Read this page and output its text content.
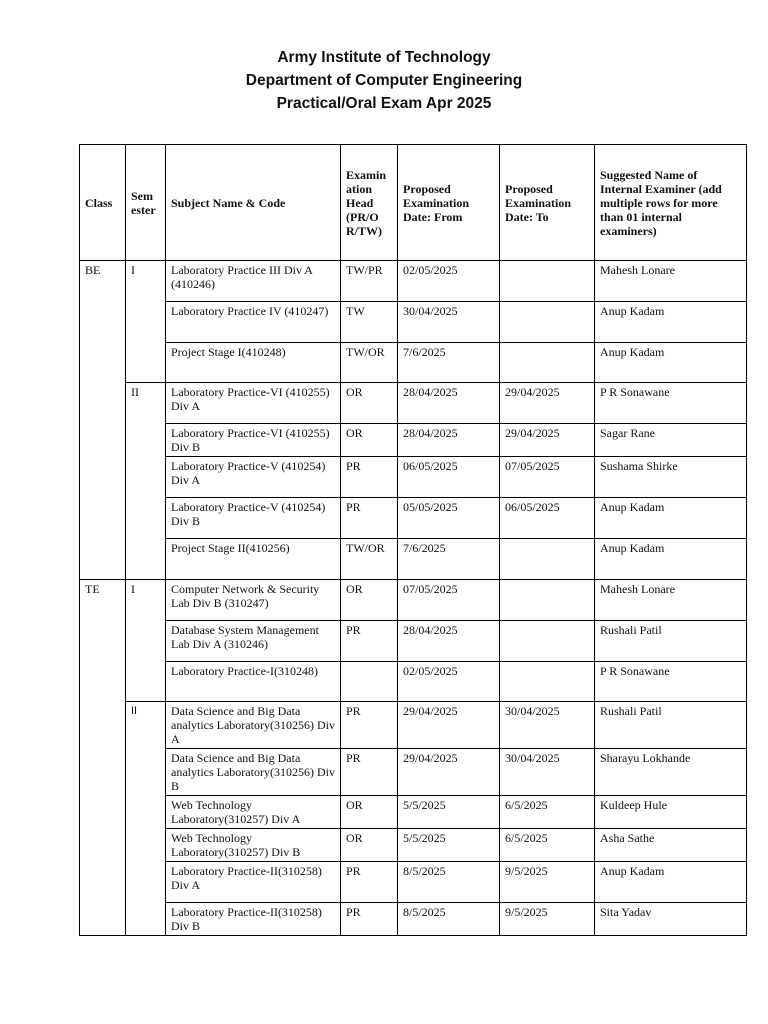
Army Institute of Technology
Department of Computer Engineering
Practical/Oral Exam Apr 2025
Class	Sem ester	Subject Name & Code	Examin ation Head (PR/O R/TW)	Proposed Examination Date: From	Proposed Examination Date: To	Suggested Name of Internal Examiner (add multiple rows for more than 01 internal examiners)
BE	I	Laboratory Practice III Div A (410246)	TW/PR	02/05/2025		Mahesh Lonare
		Laboratory Practice IV (410247)	TW	30/04/2025		Anup Kadam
		Project Stage I(410248)	TW/OR	7/6/2025		Anup Kadam
	II	Laboratory Practice-VI (410255) Div A	OR	28/04/2025	29/04/2025	P R Sonawane
		Laboratory Practice-VI (410255) Div B	OR	28/04/2025	29/04/2025	Sagar Rane
		Laboratory Practice-V (410254) Div A	PR	06/05/2025	07/05/2025	Sushama Shirke
		Laboratory Practice-V (410254) Div B	PR	05/05/2025	06/05/2025	Anup Kadam
		Project Stage II(410256)	TW/OR	7/6/2025		Anup Kadam
TE	I	Computer Network & Security Lab Div B (310247)	OR	07/05/2025		Mahesh Lonare
		Database System Management Lab Div A (310246)	PR	28/04/2025		Rushali Patil
		Laboratory Practice-I(310248)		02/05/2025		P R Sonawane
	II	Data Science and Big Data analytics Laboratory(310256) Div A	PR	29/04/2025	30/04/2025	Rushali Patil
		Data Science and Big Data analytics Laboratory(310256) Div B	PR	29/04/2025	30/04/2025	Sharayu Lokhande
		Web Technology Laboratory(310257) Div A	OR	5/5/2025	6/5/2025	Kuldeep Hule
		Web Technology Laboratory(310257) Div B	OR	5/5/2025	6/5/2025	Asha Sathe
		Laboratory Practice-II(310258) Div A	PR	8/5/2025	9/5/2025	Anup Kadam
		Laboratory Practice-II(310258) Div B	PR	8/5/2025	9/5/2025	Sita Yadav
